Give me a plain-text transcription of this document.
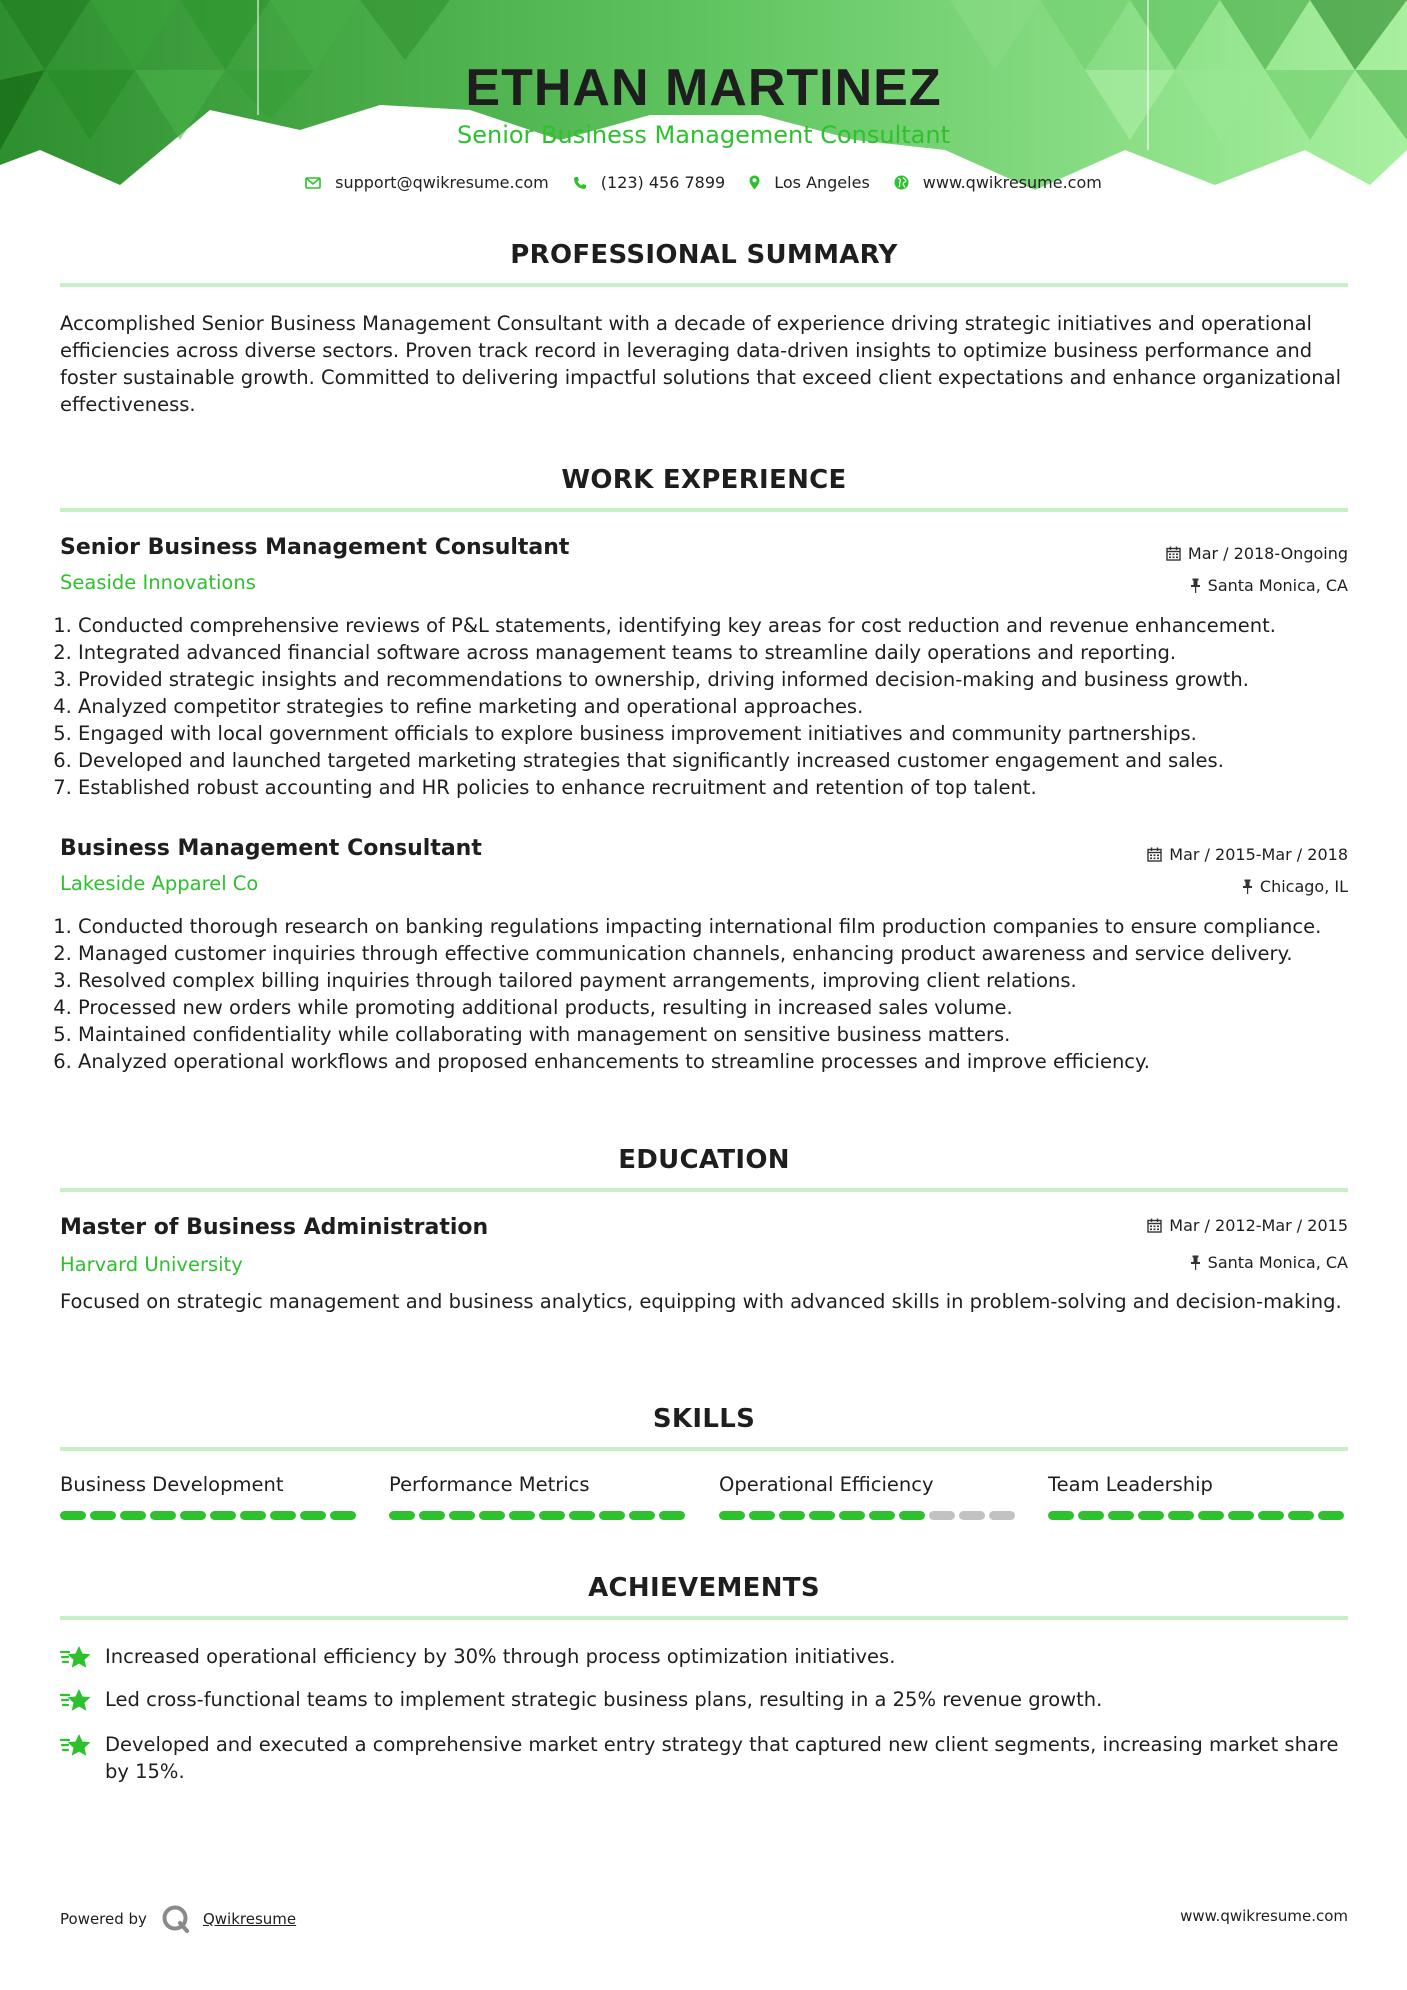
ETHAN MARTINEZ

Senior Business Management Consultant

support@qwikresume.com	(123) 456 7899	Los Angeles	www.qwikresume.com
PROFESSIONAL SUMMARY

Accomplished Senior Business Management Consultant with a decade of experience driving strategic initiatives and operational efficiencies across diverse sectors. Proven track record in leveraging data-driven insights to optimize business performance and foster sustainable growth. Committed to delivering impactful solutions that exceed client expectations and enhance organizational effectiveness.

WORK EXPERIENCE
Senior Business Management Consultant	Mar / 2018-Ongoing

Seaside Innovations	Santa Monica, CA
1. Conducted comprehensive reviews of P&L statements, identifying key areas for cost reduction and revenue enhancement.
2. Integrated advanced financial software across management teams to streamline daily operations and reporting.
3. Provided strategic insights and recommendations to ownership, driving informed decision-making and business growth.
4. Analyzed competitor strategies to refine marketing and operational approaches.
5. Engaged with local government officials to explore business improvement initiatives and community partnerships.
6. Developed and launched targeted marketing strategies that significantly increased customer engagement and sales.
7. Established robust accounting and HR policies to enhance recruitment and retention of top talent.
Business Management Consultant	Mar / 2015-Mar / 2018

Lakeside Apparel Co	Chicago, IL
1. Conducted thorough research on banking regulations impacting international film production companies to ensure compliance.
2. Managed customer inquiries through effective communication channels, enhancing product awareness and service delivery.
3. Resolved complex billing inquiries through tailored payment arrangements, improving client relations.
4. Processed new orders while promoting additional products, resulting in increased sales volume.
5. Maintained confidentiality while collaborating with management on sensitive business matters.
6. Analyzed operational workflows and proposed enhancements to streamline processes and improve efficiency.
EDUCATION
Master of Business Administration	Mar / 2012-Mar / 2015

Harvard University	Santa Monica, CA

Focused on strategic management and business analytics, equipping with advanced skills in problem-solving and decision-making.

SKILLS

Business Development	Performance Metrics	Operational Efficiency	Team Leadership

ACHIEVEMENTS

Increased operational efficiency by 30% through process optimization initiatives.

Led cross-functional teams to implement strategic business plans, resulting in a 25% revenue growth.

Developed and executed a comprehensive market entry strategy that captured new client segments, increasing market share by 15%.

Powered by	Qwikresume	www.qwikresume.com
